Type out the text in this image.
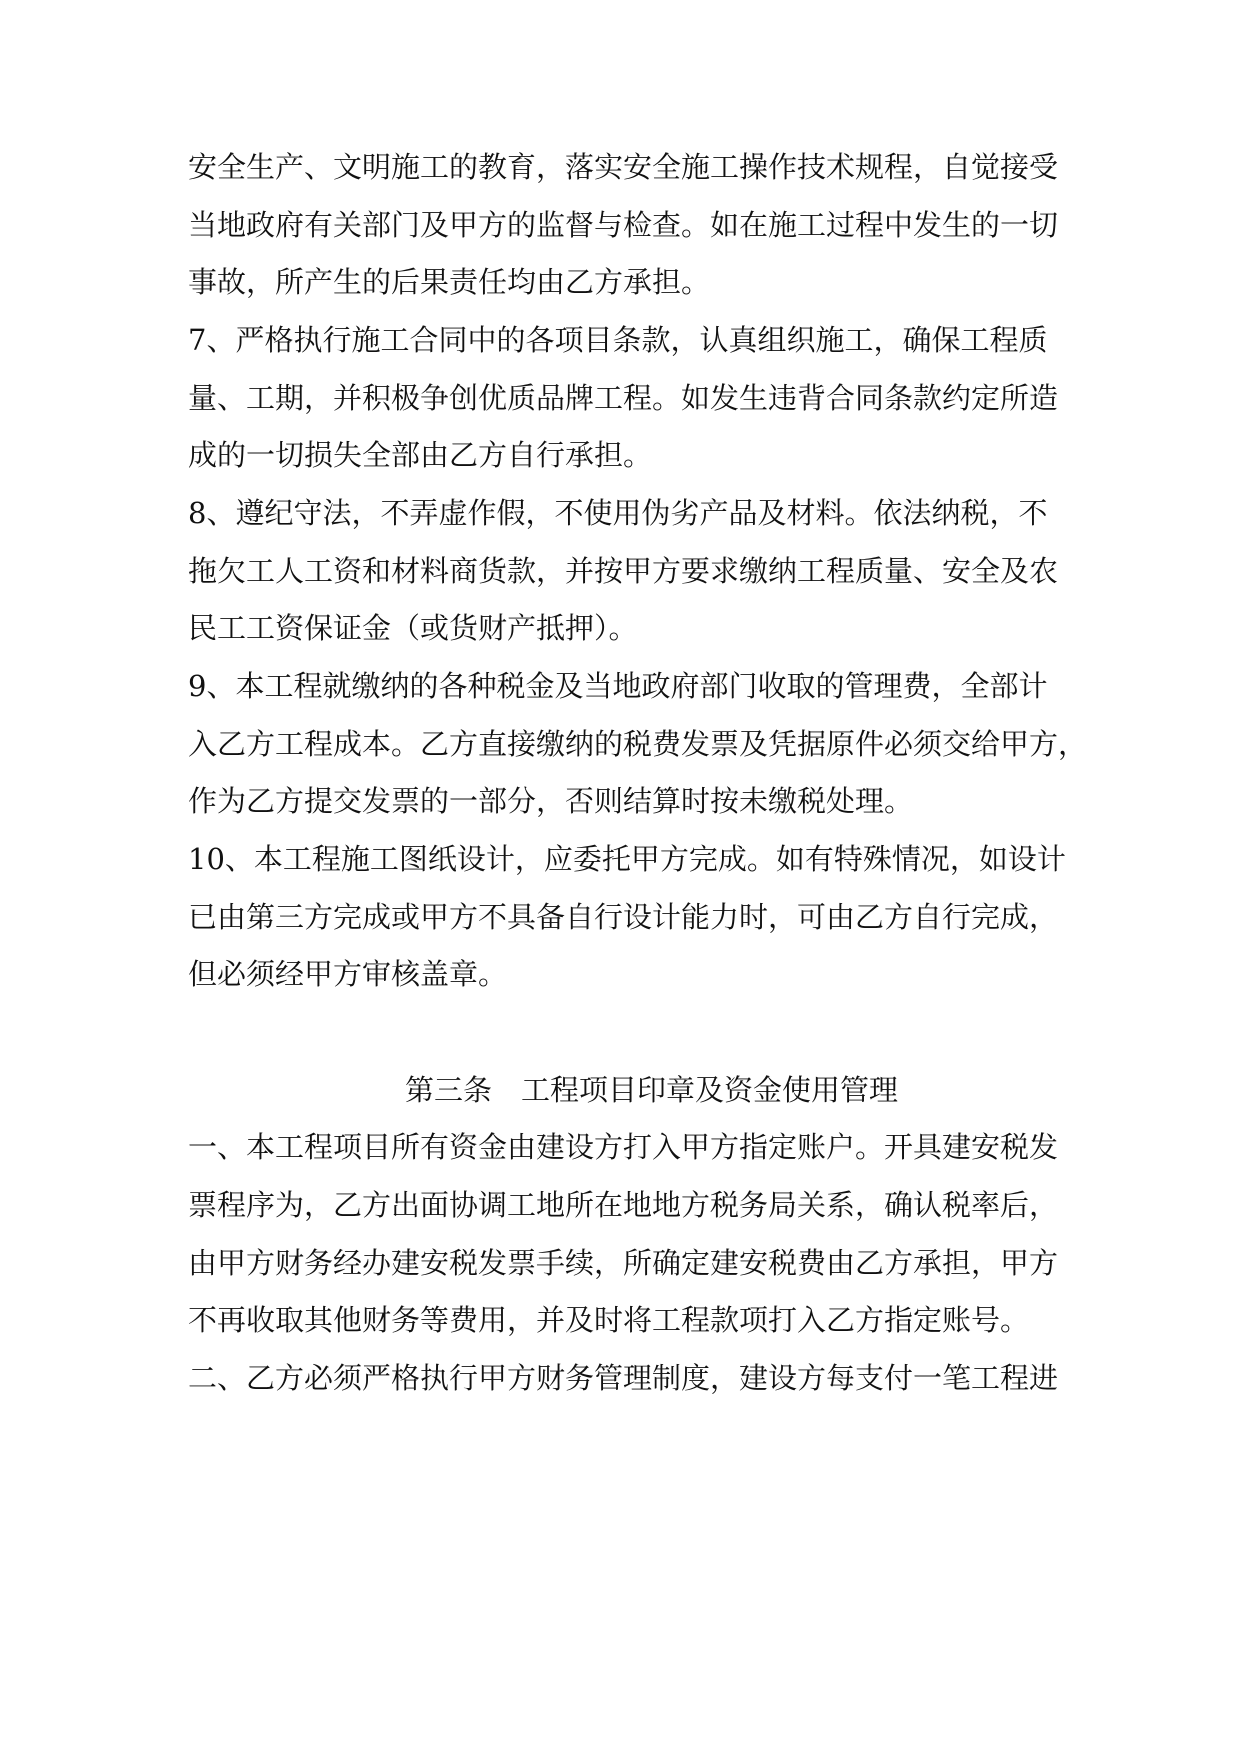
安全生产、文明施工的教育，落实安全施工操作技术规程，自觉接受
当地政府有关部门及甲方的监督与检查。如在施工过程中发生的一切
事故，所产生的后果责任均由乙方承担。
7、严格执行施工合同中的各项目条款，认真组织施工，确保工程质
量、工期，并积极争创优质品牌工程。如发生违背合同条款约定所造
成的一切损失全部由乙方自行承担。
8、遵纪守法，不弄虚作假，不使用伪劣产品及材料。依法纳税，不
拖欠工人工资和材料商货款，并按甲方要求缴纳工程质量、安全及农
民工工资保证金（或货财产抵押）。
9、本工程就缴纳的各种税金及当地政府部门收取的管理费，全部计
入乙方工程成本。乙方直接缴纳的税费发票及凭据原件必须交给甲方，
作为乙方提交发票的一部分，否则结算时按未缴税处理。
10、本工程施工图纸设计，应委托甲方完成。如有特殊情况，如设计
已由第三方完成或甲方不具备自行设计能力时，可由乙方自行完成，
但必须经甲方审核盖章。
第三条　工程项目印章及资金使用管理
一、本工程项目所有资金由建设方打入甲方指定账户。开具建安税发
票程序为，乙方出面协调工地所在地地方税务局关系，确认税率后，
由甲方财务经办建安税发票手续，所确定建安税费由乙方承担，甲方
不再收取其他财务等费用，并及时将工程款项打入乙方指定账号。
二、乙方必须严格执行甲方财务管理制度，建设方每支付一笔工程进
